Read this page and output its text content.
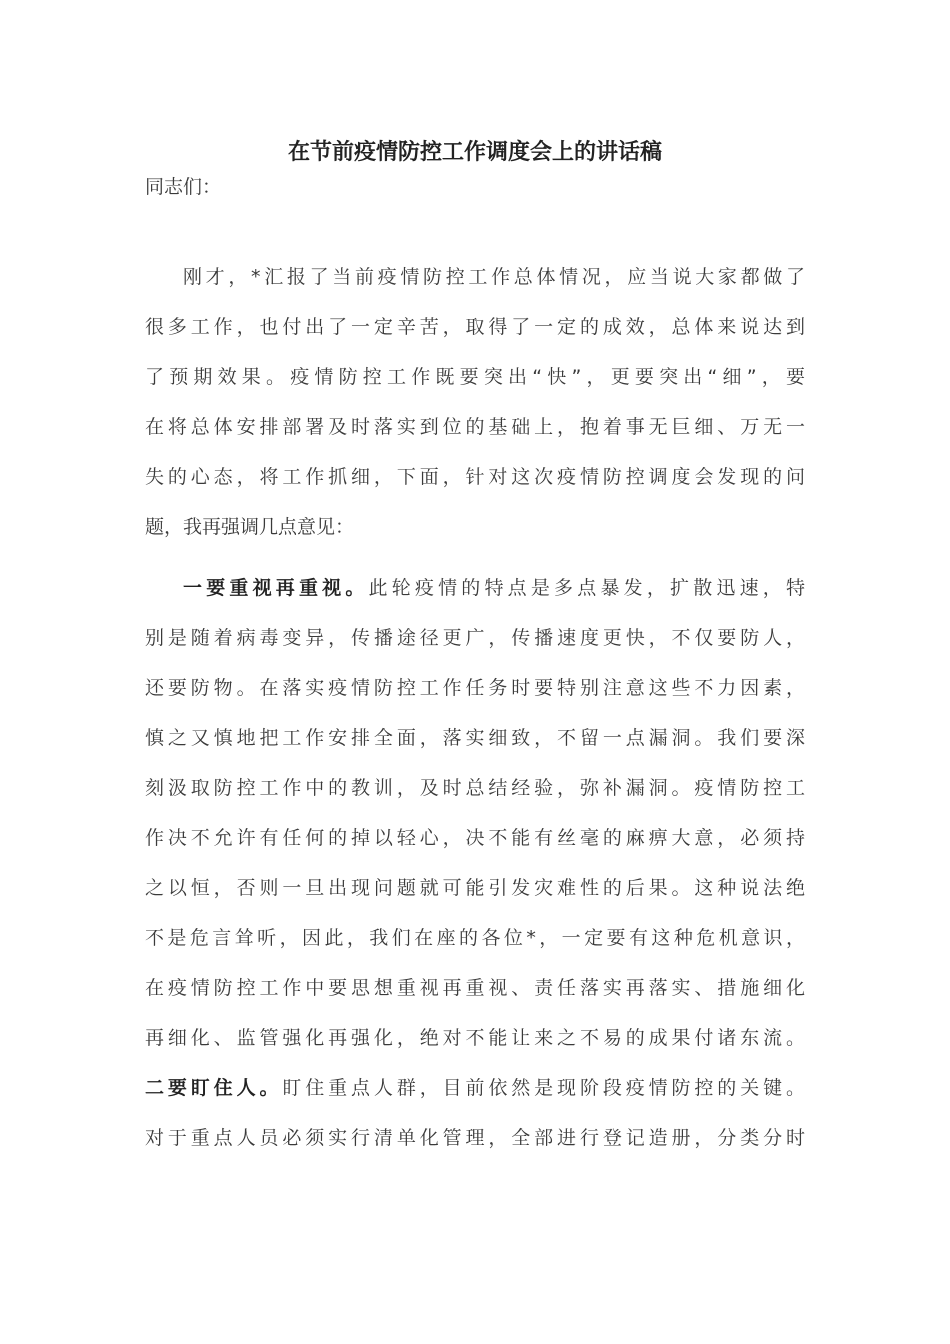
在节前疫情防控工作调度会上的讲话稿
同志们：
刚才，*汇报了当前疫情防控工作总体情况，应当说大家都做了
很多工作，也付出了一定辛苦，取得了一定的成效，总体来说达到
了预期效果。疫情防控工作既要突出“快”，更要突出“细”，要
在将总体安排部署及时落实到位的基础上，抱着事无巨细、万无一
失的心态，将工作抓细，下面，针对这次疫情防控调度会发现的问
题，我再强调几点意见：
一要重视再重视。此轮疫情的特点是多点暴发，扩散迅速，特
别是随着病毒变异，传播途径更广，传播速度更快，不仅要防人，
还要防物。在落实疫情防控工作任务时要特别注意这些不力因素，
慎之又慎地把工作安排全面，落实细致，不留一点漏洞。我们要深
刻汲取防控工作中的教训，及时总结经验，弥补漏洞。疫情防控工
作决不允许有任何的掉以轻心，决不能有丝毫的麻痹大意，必须持
之以恒，否则一旦出现问题就可能引发灾难性的后果。这种说法绝
不是危言耸听，因此，我们在座的各位*，一定要有这种危机意识，
在疫情防控工作中要思想重视再重视、责任落实再落实、措施细化
再细化、监管强化再强化，绝对不能让来之不易的成果付诸东流。
二要盯住人。盯住重点人群，目前依然是现阶段疫情防控的关键。
对于重点人员必须实行清单化管理，全部进行登记造册，分类分时
